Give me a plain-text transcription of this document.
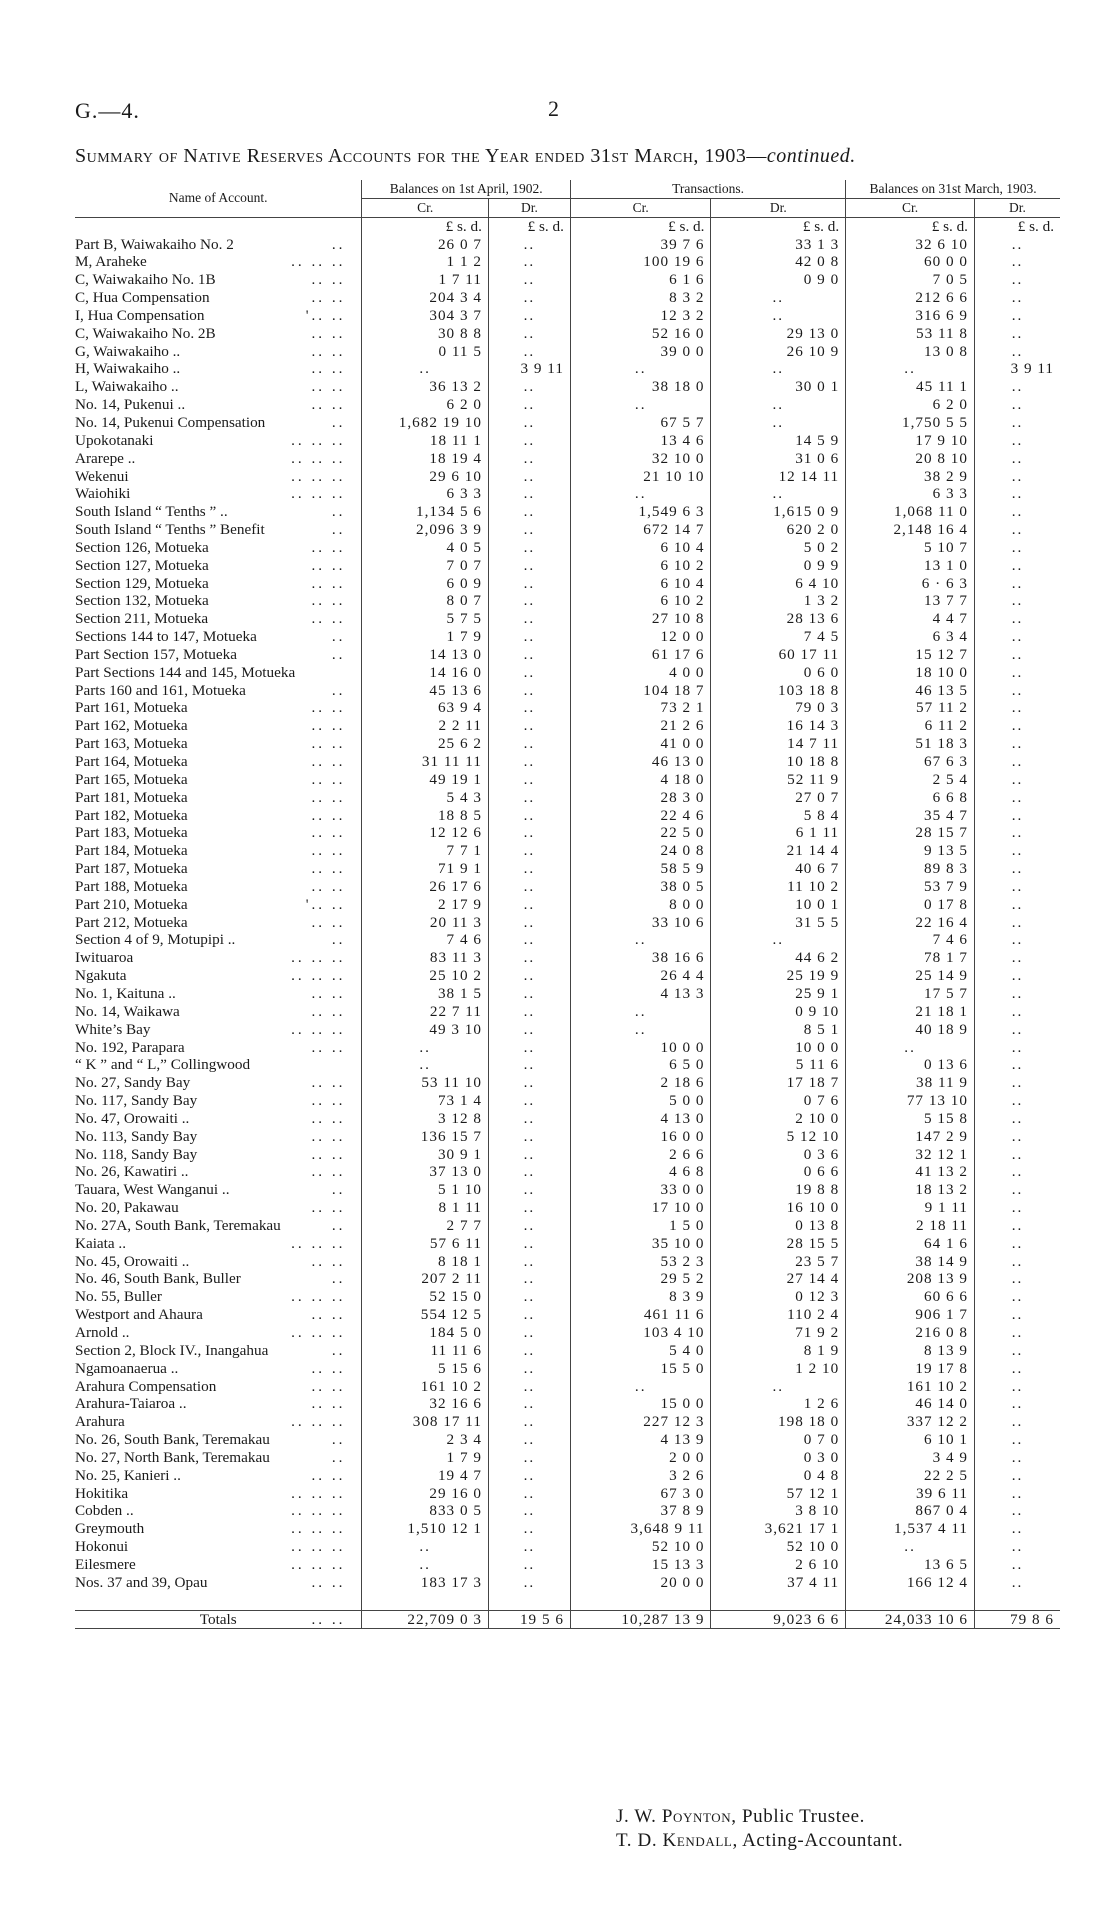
G.—4.	2
Summary of Native Reserves Accounts for the Year ended 31st March, 1903—continued.
Name of Account.	Balances on 1st April, 1902.		Transactions.		Balances on 31st March, 1903.	
	Cr.	Dr.	Cr.	Dr.	Cr.	Dr.
	£ s. d.	£ s. d.	£ s. d.	£ s. d.	£ s. d.	£ s. d.
Part B, Waiwakaiho No. 2 ..	26 0 7	..	39 7 6	33 1 3	32 6 10	..
M, Araheke .. .. ..	1 1 2	..	100 19 6	42 0 8	60 0 0	..
C, Waiwakaiho No. 1B .. ..	1 7 11	..	6 1 6	0 9 0	7 0 5	..
C, Hua Compensation .. ..	204 3 4	..	8 3 2	..	212 6 6	..
I, Hua Compensation '.. ..	304 3 7	..	12 3 2	..	316 6 9	..
C, Waiwakaiho No. 2B .. ..	30 8 8	..	52 16 0	29 13 0	53 11 8	..
G, Waiwakaiho .. .. ..	0 11 5	..	39 0 0	26 10 9	13 0 8	..
H, Waiwakaiho .. .. ..	..	3 9 11	..	..	..	3 9 11
L, Waiwakaiho .. .. ..	36 13 2	..	38 18 0	30 0 1	45 11 1	..
No. 14, Pukenui .. .. ..	6 2 0	..	..	..	6 2 0	..
No. 14, Pukenui Compensation ..	1,682 19 10	..	67 5 7	..	1,750 5 5	..
Upokotanaki .. .. ..	18 11 1	..	13 4 6	14 5 9	17 9 10	..
Ararepe .. .. .. ..	18 19 4	..	32 10 0	31 0 6	20 8 10	..
Wekenui .. .. ..	29 6 10	..	21 10 10	12 14 11	38 2 9	..
Waiohiki .. .. ..	6 3 3	..	..	..	6 3 3	..
South Island “ Tenths ” .. ..	1,134 5 6	..	1,549 6 3	1,615 0 9	1,068 11 0	..
South Island “ Tenths ” Benefit ..	2,096 3 9	..	672 14 7	620 2 0	2,148 16 4	..
Section 126, Motueka .. ..	4 0 5	..	6 10 4	5 0 2	5 10 7	..
Section 127, Motueka .. ..	7 0 7	..	6 10 2	0 9 9	13 1 0	..
Section 129, Motueka .. ..	6 0 9	..	6 10 4	6 4 10	6 · 6 3	..
Section 132, Motueka .. ..	8 0 7	..	6 10 2	1 3 2	13 7 7	..
Section 211, Motueka .. ..	5 7 5	..	27 10 8	28 13 6	4 4 7	..
Sections 144 to 147, Motueka ..	1 7 9	..	12 0 0	7 4 5	6 3 4	..
Part Section 157, Motueka ..	14 13 0	..	61 17 6	60 17 11	15 12 7	..
Part Sections 144 and 145, Motueka	14 16 0	..	4 0 0	0 6 0	18 10 0	..
Parts 160 and 161, Motueka ..	45 13 6	..	104 18 7	103 18 8	46 13 5	..
Part 161, Motueka .. ..	63 9 4	..	73 2 1	79 0 3	57 11 2	..
Part 162, Motueka .. ..	2 2 11	..	21 2 6	16 14 3	6 11 2	..
Part 163, Motueka .. ..	25 6 2	..	41 0 0	14 7 11	51 18 3	..
Part 164, Motueka .. ..	31 11 11	..	46 13 0	10 18 8	67 6 3	..
Part 165, Motueka .. ..	49 19 1	..	4 18 0	52 11 9	2 5 4	..
Part 181, Motueka .. ..	5 4 3	..	28 3 0	27 0 7	6 6 8	..
Part 182, Motueka .. ..	18 8 5	..	22 4 6	5 8 4	35 4 7	..
Part 183, Motueka .. ..	12 12 6	..	22 5 0	6 1 11	28 15 7	..
Part 184, Motueka .. ..	7 7 1	..	24 0 8	21 14 4	9 13 5	..
Part 187, Motueka .. ..	71 9 1	..	58 5 9	40 6 7	89 8 3	..
Part 188, Motueka .. ..	26 17 6	..	38 0 5	11 10 2	53 7 9	..
Part 210, Motueka '.. ..	2 17 9	..	8 0 0	10 0 1	0 17 8	..
Part 212, Motueka .. ..	20 11 3	..	33 10 6	31 5 5	22 16 4	..
Section 4 of 9, Motupipi .. ..	7 4 6	..	..	..	7 4 6	..
Iwituaroa .. .. ..	83 11 3	..	38 16 6	44 6 2	78 1 7	..
Ngakuta .. .. ..	25 10 2	..	26 4 4	25 19 9	25 14 9	..
No. 1, Kaituna .. .. ..	38 1 5	..	4 13 3	25 9 1	17 5 7	..
No. 14, Waikawa .. ..	22 7 11	..	..	0 9 10	21 18 1	..
White’s Bay .. .. ..	49 3 10	..	..	8 5 1	40 18 9	..
No. 192, Parapara .. ..	..	..	10 0 0	10 0 0	..	..
“ K ” and “ L,” Collingwood	..	..	6 5 0	5 11 6	0 13 6	..
No. 27, Sandy Bay .. ..	53 11 10	..	2 18 6	17 18 7	38 11 9	..
No. 117, Sandy Bay .. ..	73 1 4	..	5 0 0	0 7 6	77 13 10	..
No. 47, Orowaiti .. .. ..	3 12 8	..	4 13 0	2 10 0	5 15 8	..
No. 113, Sandy Bay .. ..	136 15 7	..	16 0 0	5 12 10	147 2 9	..
No. 118, Sandy Bay .. ..	30 9 1	..	2 6 6	0 3 6	32 12 1	..
No. 26, Kawatiri .. .. ..	37 13 0	..	4 6 8	0 6 6	41 13 2	..
Tauara, West Wanganui .. ..	5 1 10	..	33 0 0	19 8 8	18 13 2	..
No. 20, Pakawau .. ..	8 1 11	..	17 10 0	16 10 0	9 1 11	..
No. 27A, South Bank, Teremakau ..	2 7 7	..	1 5 0	0 13 8	2 18 11	..
Kaiata .. .. .. ..	57 6 11	..	35 10 0	28 15 5	64 1 6	..
No. 45, Orowaiti .. .. ..	8 18 1	..	53 2 3	23 5 7	38 14 9	..
No. 46, South Bank, Buller ..	207 2 11	..	29 5 2	27 14 4	208 13 9	..
No. 55, Buller .. .. ..	52 15 0	..	8 3 9	0 12 3	60 6 6	..
Westport and Ahaura .. ..	554 12 5	..	461 11 6	110 2 4	906 1 7	..
Arnold .. .. .. ..	184 5 0	..	103 4 10	71 9 2	216 0 8	..
Section 2, Block IV., Inangahua ..	11 11 6	..	5 4 0	8 1 9	8 13 9	..
Ngamoanaerua .. .. ..	5 15 6	..	15 5 0	1 2 10	19 17 8	..
Arahura Compensation .. ..	161 10 2	..	..	..	161 10 2	..
Arahura-Taiaroa .. .. ..	32 16 6	..	15 0 0	1 2 6	46 14 0	..
Arahura .. .. ..	308 17 11	..	227 12 3	198 18 0	337 12 2	..
No. 26, South Bank, Teremakau ..	2 3 4	..	4 13 9	0 7 0	6 10 1	..
No. 27, North Bank, Teremakau ..	1 7 9	..	2 0 0	0 3 0	3 4 9	..
No. 25, Kanieri .. .. ..	19 4 7	..	3 2 6	0 4 8	22 2 5	..
Hokitika .. .. ..	29 16 0	..	67 3 0	57 12 1	39 6 11	..
Cobden .. .. .. ..	833 0 5	..	37 8 9	3 8 10	867 0 4	..
Greymouth .. .. ..	1,510 12 1	..	3,648 9 11	3,621 17 1	1,537 4 11	..
Hokonui .. .. ..	..	..	52 10 0	52 10 0	..	..
Eilesmere .. .. ..	..	..	15 13 3	2 6 10	13 6 5	..
Nos. 37 and 39, Opau .. ..	183 17 3	..	20 0 0	37 4 11	166 12 4	..

Totals .. ..	22,709 0 3	19 5 6	10,287 13 9	9,023 6 6	24,033 10 6	79 8 6
J. W. Poynton, Public Trustee.
T. D. Kendall, Acting-Accountant.
